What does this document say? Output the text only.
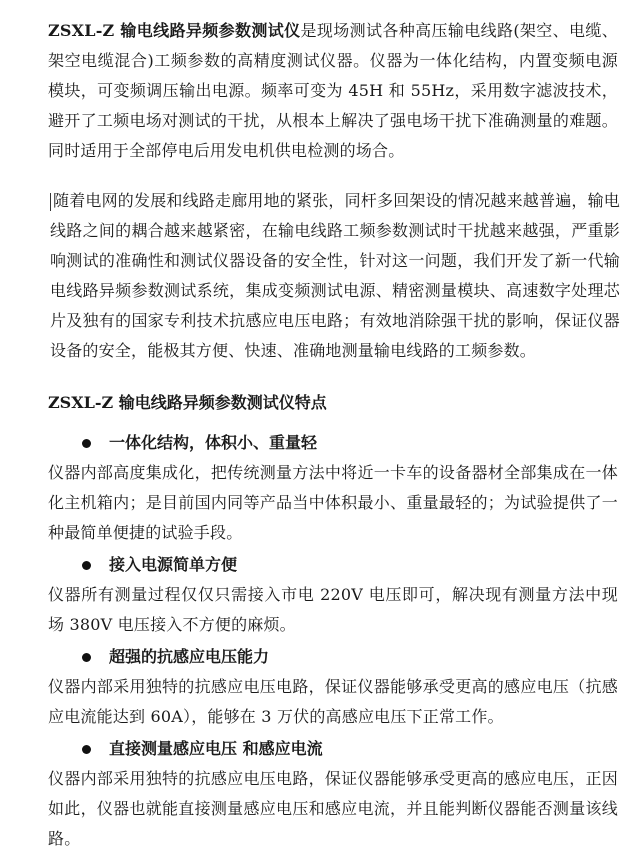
ZSXL-Z 输电线路异频参数测试仪是现场测试各种高压输电线路(架空、电缆、架空电缆混合)工频参数的高精度测试仪器。仪器为一体化结构，内置变频电源模块，可变频调压输出电源。频率可变为 45H 和 55Hz，采用数字滤波技术，避开了工频电场对测试的干扰，从根本上解决了强电场干扰下准确测量的难题。同时适用于全部停电后用发电机供电检测的场合。

随着电网的发展和线路走廊用地的紧张，同杆多回架设的情况越来越普遍，输电线路之间的耦合越来越紧密，在输电线路工频参数测试时干扰越来越强，严重影响测试的准确性和测试仪器设备的安全性，针对这一问题，我们开发了新一代输电线路异频参数测试系统，集成变频测试电源、精密测量模块、高速数字处理芯片及独有的国家专利技术抗感应电压电路；有效地消除强干扰的影响，保证仪器设备的安全，能极其方便、快速、准确地测量输电线路的工频参数。

ZSXL-Z 输电线路异频参数测试仪特点

一体化结构，体积小、重量轻

仪器内部高度集成化，把传统测量方法中将近一卡车的设备器材全部集成在一体化主机箱内；是目前国内同等产品当中体积最小、重量最轻的；为试验提供了一种最简单便捷的试验手段。

接入电源简单方便

仪器所有测量过程仅仅只需接入市电 220V 电压即可，解决现有测量方法中现场 380V 电压接入不方便的麻烦。

超强的抗感应电压能力

仪器内部采用独特的抗感应电压电路，保证仪器能够承受更高的感应电压（抗感应电流能达到 60A），能够在 3 万伏的高感应电压下正常工作。

直接测量感应电压 和感应电流

仪器内部采用独特的抗感应电压电路，保证仪器能够承受更高的感应电压，正因如此，仪器也就能直接测量感应电压和感应电流，并且能判断仪器能否测量该线路。
